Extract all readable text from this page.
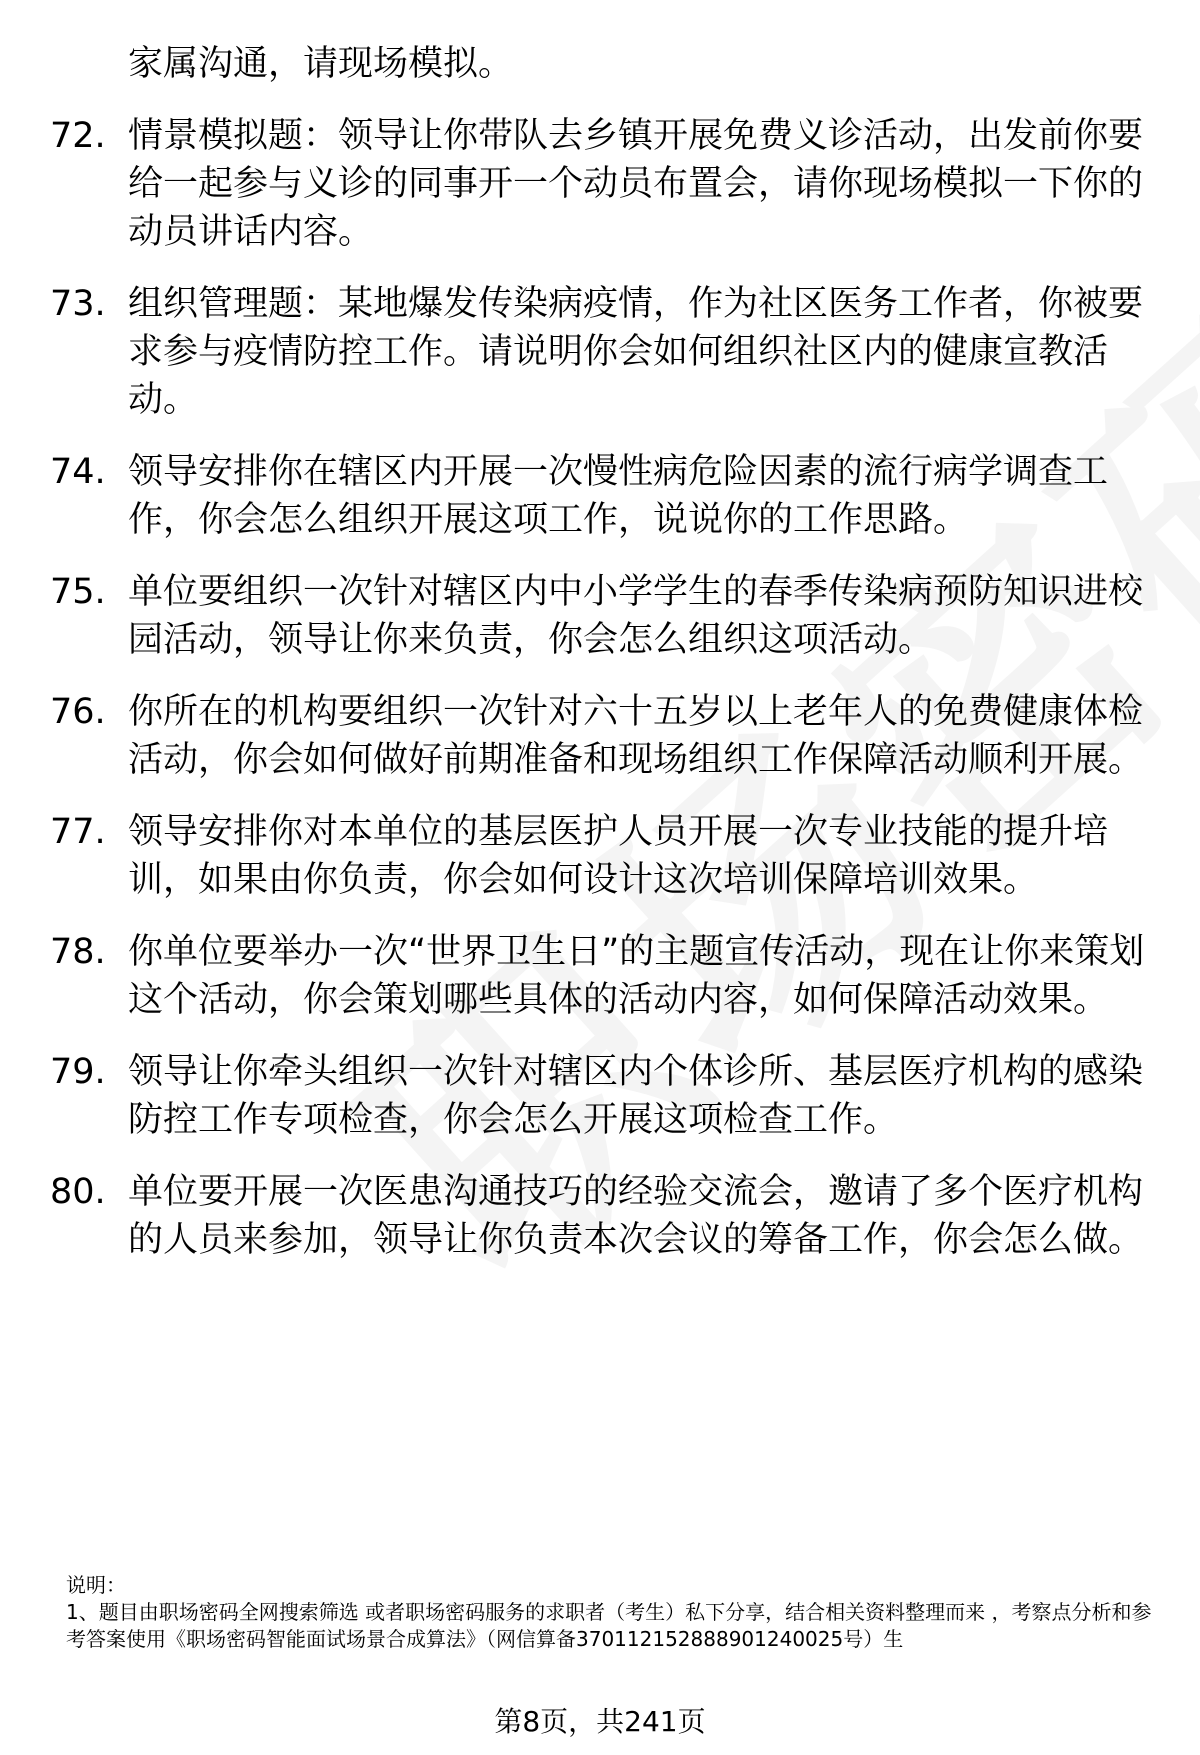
家属沟通，请现场模拟。
72. 情景模拟题：领导让你带队去乡镇开展免费义诊活动，出发前你要给一起参与义诊的同事开一个动员布置会，请你现场模拟一下你的动员讲话内容。
73. 组织管理题：某地爆发传染病疫情，作为社区医务工作者，你被要求参与疫情防控工作。请说明你会如何组织社区内的健康宣教活动。
74. 领导安排你在辖区内开展一次慢性病危险因素的流行病学调查工作，你会怎么组织开展这项工作，说说你的工作思路。
75. 单位要组织一次针对辖区内中小学学生的春季传染病预防知识进校园活动，领导让你来负责，你会怎么组织这项活动。
76. 你所在的机构要组织一次针对六十五岁以上老年人的免费健康体检活动，你会如何做好前期准备和现场组织工作保障活动顺利开展。
77. 领导安排你对本单位的基层医护人员开展一次专业技能的提升培训，如果由你负责，你会如何设计这次培训保障培训效果。
78. 你单位要举办一次“世界卫生日”的主题宣传活动，现在让你来策划这个活动，你会策划哪些具体的活动内容，如何保障活动效果。
79. 领导让你牵头组织一次针对辖区内个体诊所、基层医疗机构的感染防控工作专项检查，你会怎么开展这项检查工作。
80. 单位要开展一次医患沟通技巧的经验交流会，邀请了多个医疗机构的人员来参加，领导让你负责本次会议的筹备工作，你会怎么做。
说明：
1、题目由职场密码全网搜索筛选 或者职场密码服务的求职者（考生）私下分享，结合相关资料整理而来 ，考察点分析和参考答案使用《职场密码智能面试场景合成算法》（网信算备370112152888901240025号）生
第8页，共241页
